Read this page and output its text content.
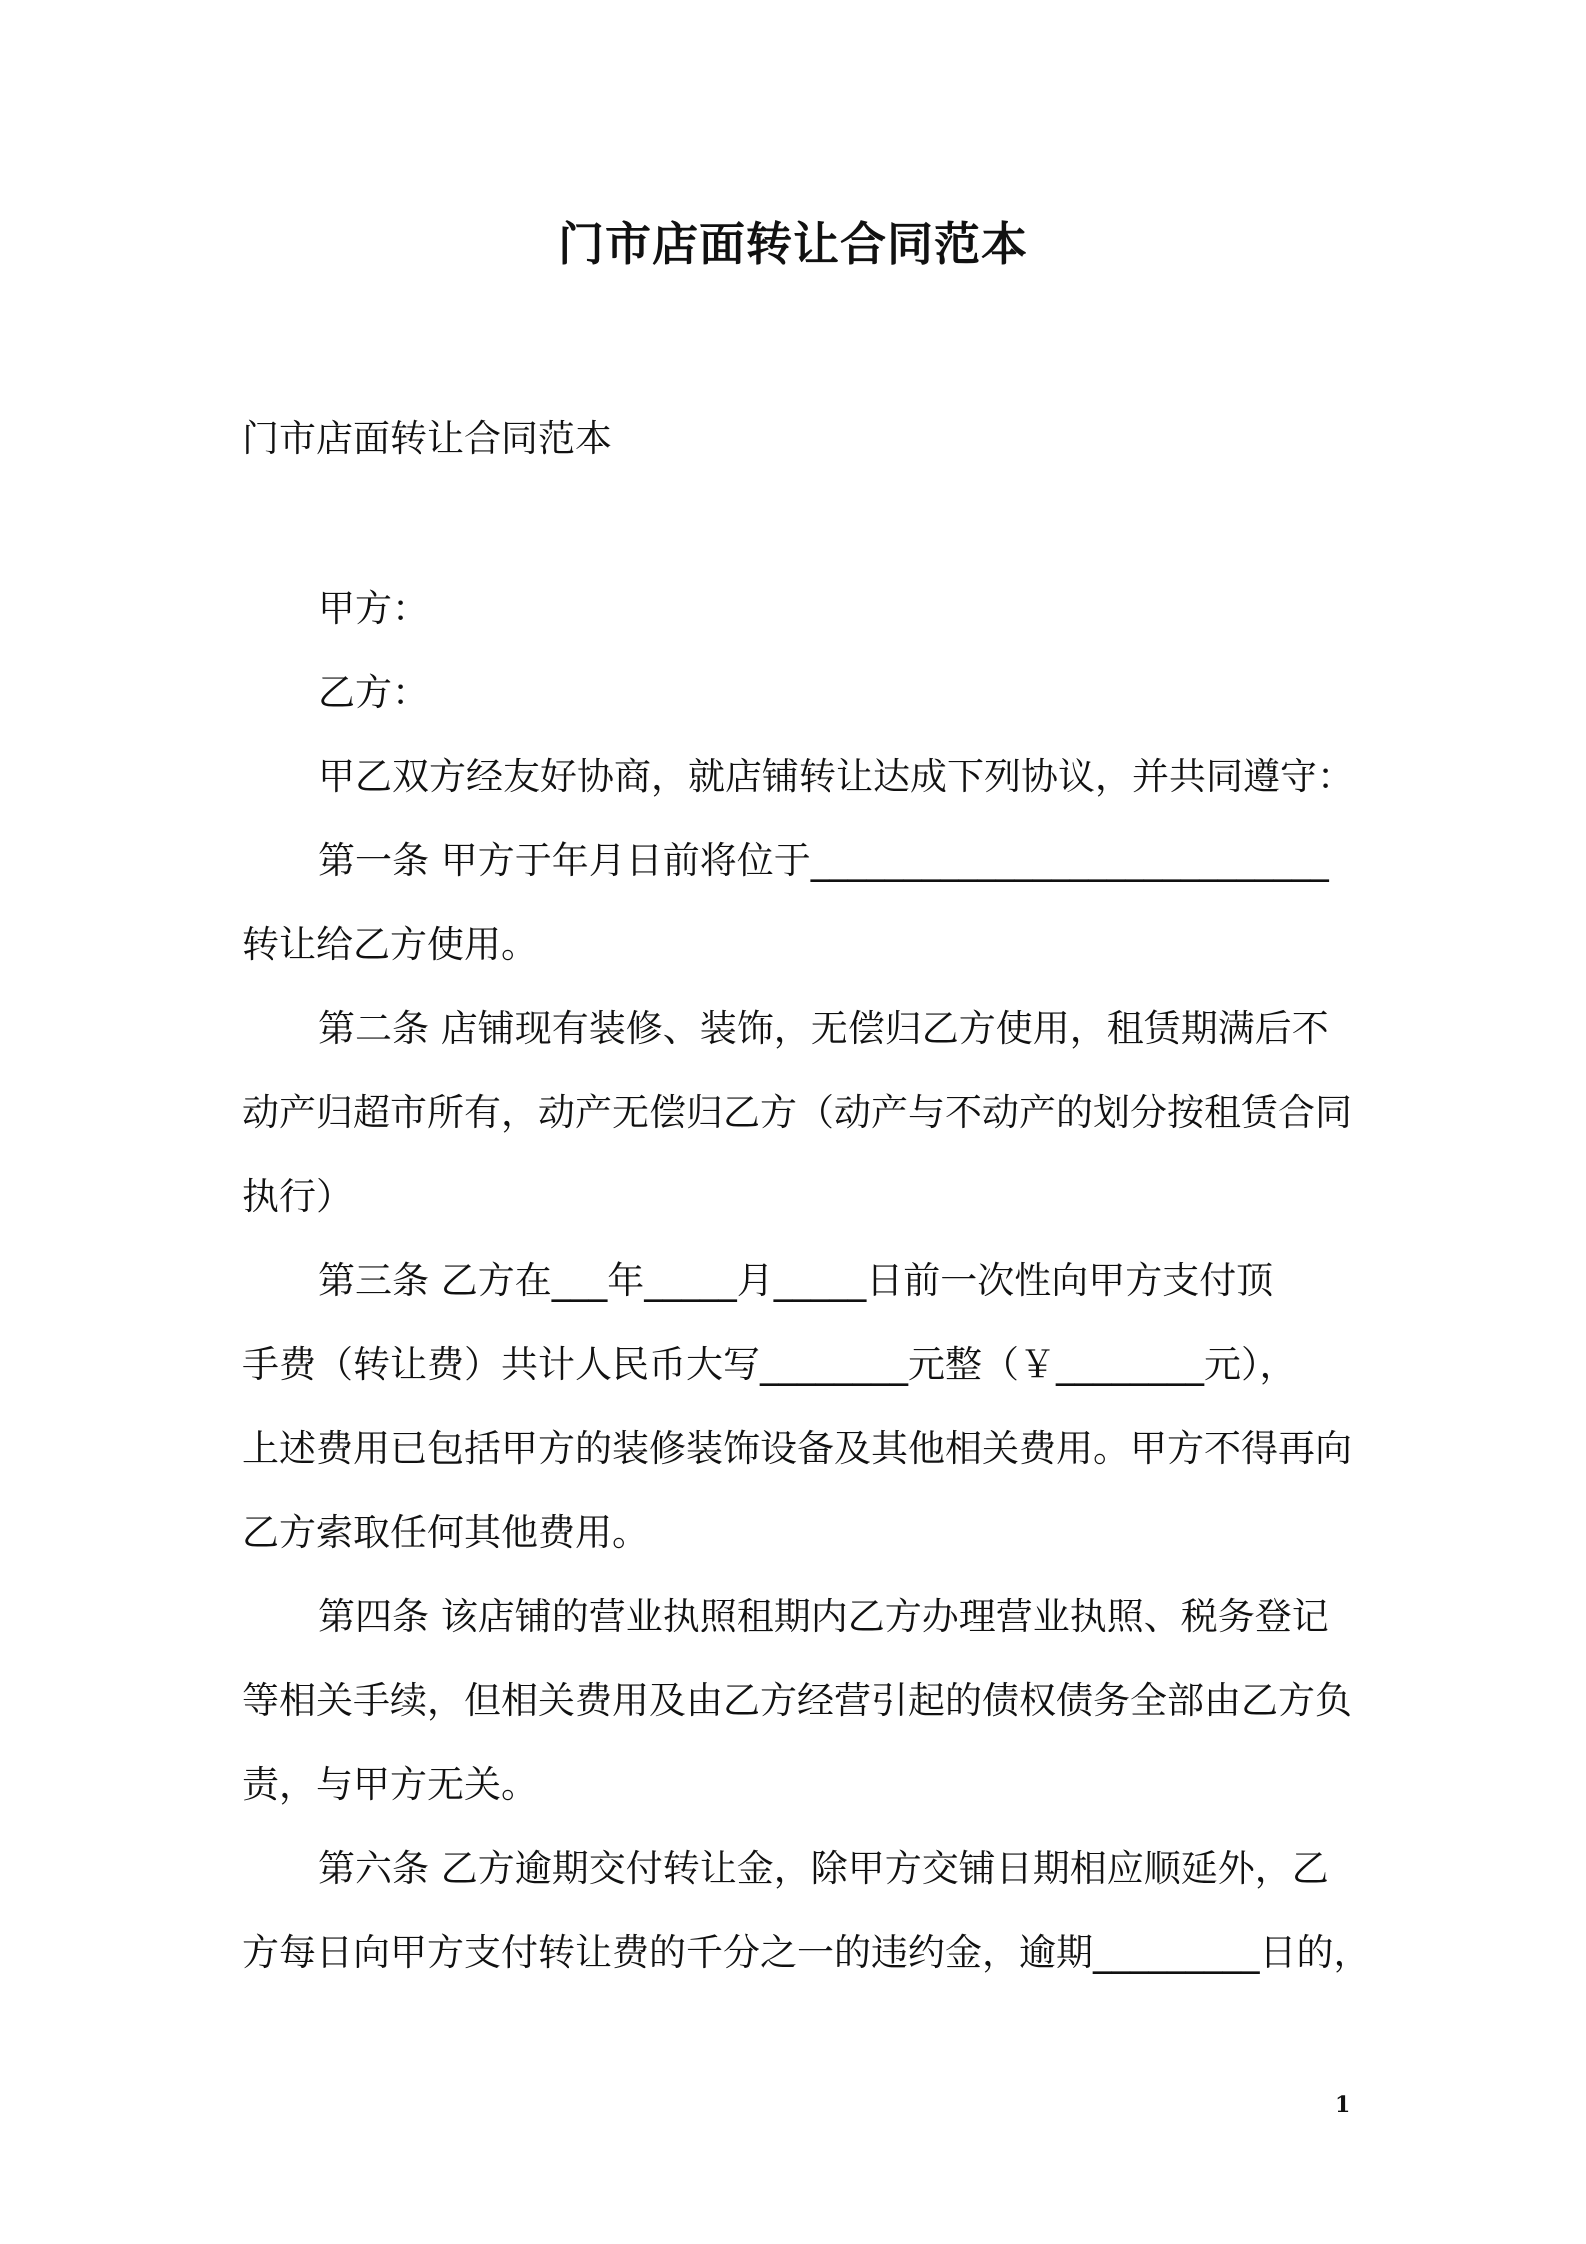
门市店面转让合同范本

门市店面转让合同范本

甲方：

乙方：

甲乙双方经友好协商，就店铺转让达成下列协议，并共同遵守：

第一条 甲方于年月日前将位于____________________________

转让给乙方使用。

第二条 店铺现有装修、装饰，无偿归乙方使用，租赁期满后不

动产归超市所有，动产无偿归乙方（动产与不动产的划分按租赁合同

执行）

第三条 乙方在___年_____月_____日前一次性向甲方支付顶

手费（转让费）共计人民币大写________元整（￥________元），

上述费用已包括甲方的装修装饰设备及其他相关费用。甲方不得再向

乙方索取任何其他费用。

第四条 该店铺的营业执照租期内乙方办理营业执照、税务登记

等相关手续，但相关费用及由乙方经营引起的债权债务全部由乙方负

责，与甲方无关。

第六条 乙方逾期交付转让金，除甲方交铺日期相应顺延外，乙

方每日向甲方支付转让费的千分之一的违约金，逾期_________日的，

1
